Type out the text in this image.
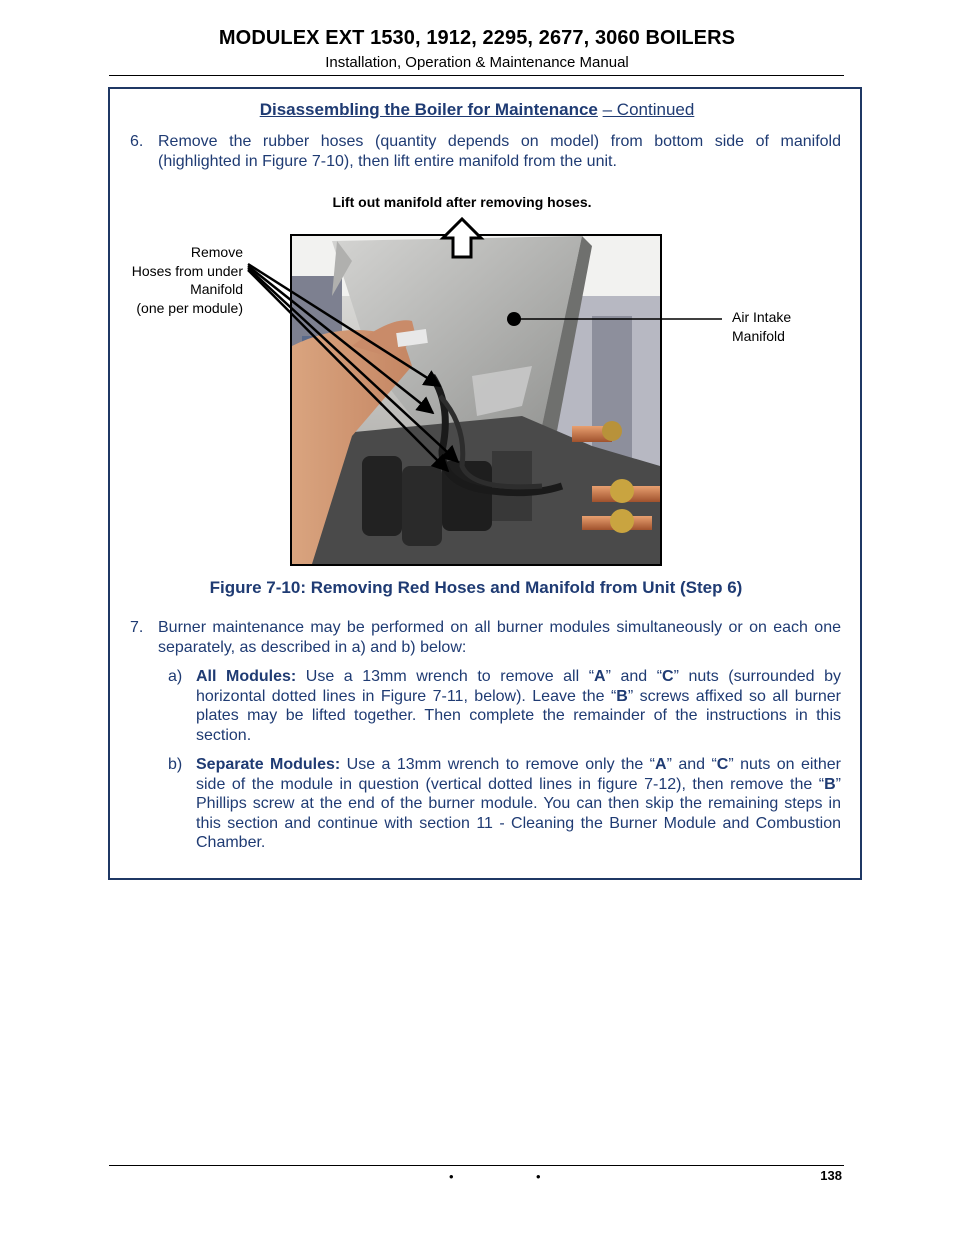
MODULEX EXT 1530, 1912, 2295, 2677, 3060 BOILERS
Installation, Operation & Maintenance Manual
Disassembling the Boiler for Maintenance – Continued
6. Remove the rubber hoses (quantity depends on model) from bottom side of manifold (highlighted in Figure 7-10), then lift entire manifold from the unit.
Lift out manifold after removing hoses.
Remove
Hoses from under
Manifold
(one per module)
Air Intake
Manifold
Figure 7-10: Removing Red Hoses and Manifold from Unit (Step 6)
7. Burner maintenance may be performed on all burner modules simultaneously or on each one separately, as described in a) and b) below:
a) All Modules: Use a 13mm wrench to remove all “A” and “C” nuts (surrounded by horizontal dotted lines in Figure 7-11, below). Leave the “B” screws affixed so all burner plates may be lifted together. Then complete the remainder of the instructions in this section.
b) Separate Modules: Use a 13mm wrench to remove only the “A” and “C” nuts on either side of the module in question (vertical dotted lines in figure 7-12), then remove the “B” Phillips screw at the end of the burner module. You can then skip the remaining steps in this section and continue with section 11 - Cleaning the Burner Module and Combustion Chamber.
•	•	138
